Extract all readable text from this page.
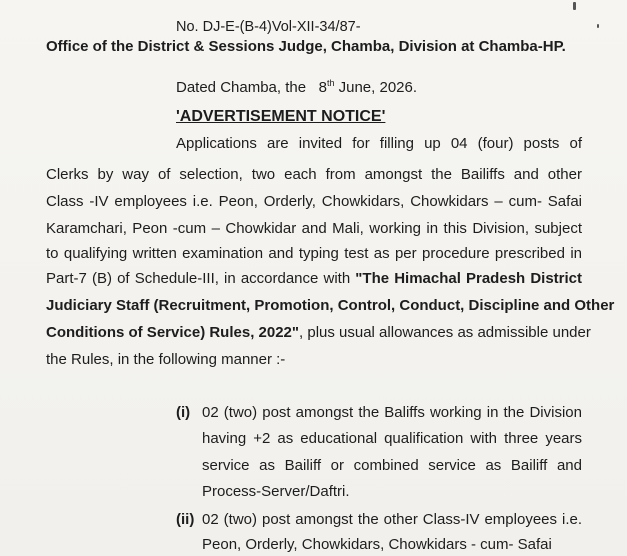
No. DJ-E-(B-4)Vol-XII-34/87-
Office of the District & Sessions Judge, Chamba, Division at Chamba-HP.
Dated Chamba, the 8th June, 2026.
'ADVERTISEMENT NOTICE'
Applications are invited for filling up 04 (four) posts of
Clerks by way of selection, two each from amongst the Bailiffs and other
Class -IV employees i.e. Peon, Orderly, Chowkidars, Chowkidars – cum- Safai
Karamchari, Peon -cum – Chowkidar and Mali, working in this Division, subject
to qualifying written examination and typing test as per procedure prescribed in
Part-7 (B) of Schedule-III, in accordance with "The Himachal Pradesh District
Judiciary Staff (Recruitment, Promotion, Control, Conduct, Discipline and Other
Conditions of Service) Rules, 2022", plus usual allowances as admissible under
the Rules, in the following manner :-
(i) 02 (two) post amongst the Baliffs working in the Division
having +2 as educational qualification with three years
service as Bailiff or combined service as Bailiff and
Process-Server/Daftri.
(ii) 02 (two) post amongst the other Class-IV employees i.e.
Peon, Orderly, Chowkidars, Chowkidars - cum- Safai
